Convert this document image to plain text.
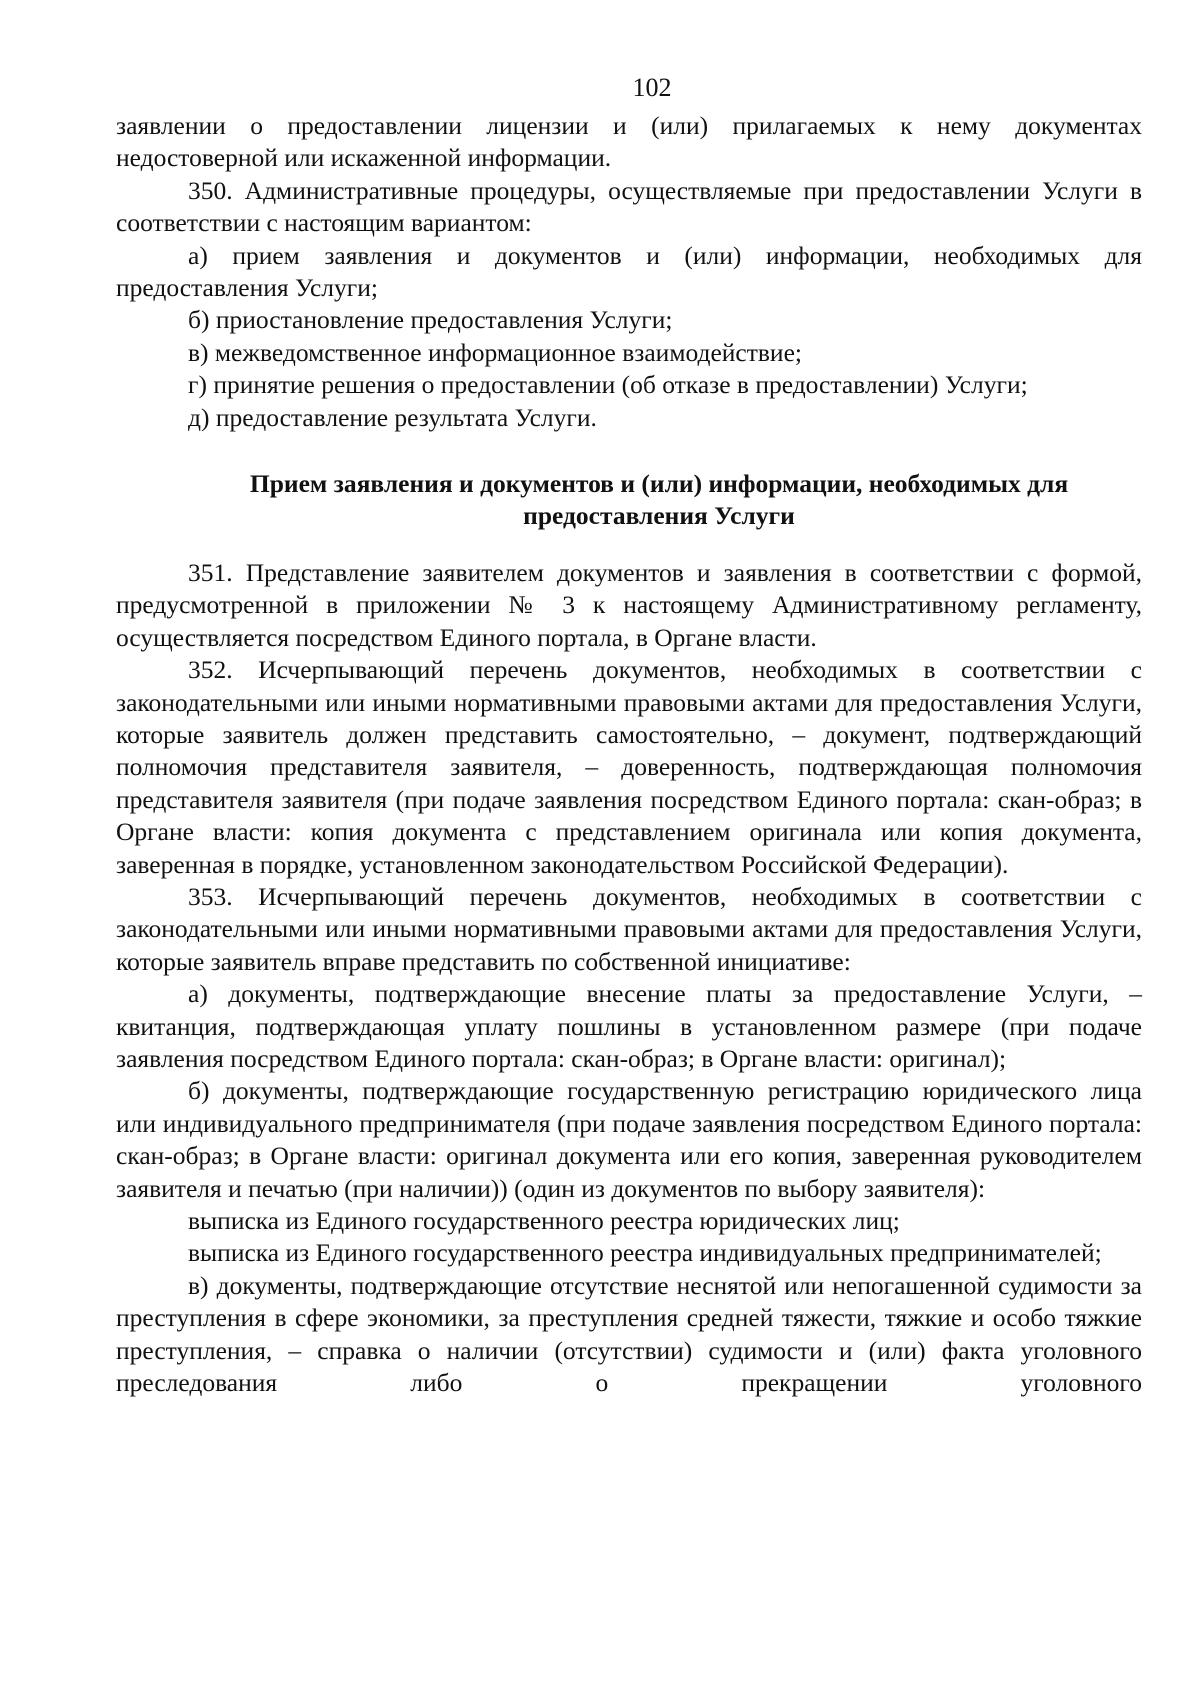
102

заявлении о предоставлении лицензии и (или) прилагаемых к нему документах недостоверной или искаженной информации.

350. Административные процедуры, осуществляемые при предоставлении Услуги в соответствии с настоящим вариантом:

а) прием заявления и документов и (или) информации, необходимых для предоставления Услуги;

б) приостановление предоставления Услуги;

в) межведомственное информационное взаимодействие;

г) принятие решения о предоставлении (об отказе в предоставлении) Услуги;

д) предоставление результата Услуги.

Прием заявления и документов и (или) информации, необходимых для предоставления Услуги

351. Представление заявителем документов и заявления в соответствии с формой, предусмотренной в приложении № 3 к настоящему Административному регламенту, осуществляется посредством Единого портала, в Органе власти.

352. Исчерпывающий перечень документов, необходимых в соответствии с законодательными или иными нормативными правовыми актами для предоставления Услуги, которые заявитель должен представить самостоятельно, – документ, подтверждающий полномочия представителя заявителя, – доверенность, подтверждающая полномочия представителя заявителя (при подаче заявления посредством Единого портала: скан-образ; в Органе власти: копия документа с представлением оригинала или копия документа, заверенная в порядке, установленном законодательством Российской Федерации).

353. Исчерпывающий перечень документов, необходимых в соответствии с законодательными или иными нормативными правовыми актами для предоставления Услуги, которые заявитель вправе представить по собственной инициативе:

а) документы, подтверждающие внесение платы за предоставление Услуги, – квитанция, подтверждающая уплату пошлины в установленном размере (при подаче заявления посредством Единого портала: скан-образ; в Органе власти: оригинал);

б) документы, подтверждающие государственную регистрацию юридического лица или индивидуального предпринимателя (при подаче заявления посредством Единого портала: скан-образ; в Органе власти: оригинал документа или его копия, заверенная руководителем заявителя и печатью (при наличии)) (один из документов по выбору заявителя):

выписка из Единого государственного реестра юридических лиц;

выписка из Единого государственного реестра индивидуальных предпринимателей;

в) документы, подтверждающие отсутствие неснятой или непогашенной судимости за преступления в сфере экономики, за преступления средней тяжести, тяжкие и особо тяжкие преступления, – справка о наличии (отсутствии) судимости и (или) факта уголовного преследования либо о прекращении уголовного
